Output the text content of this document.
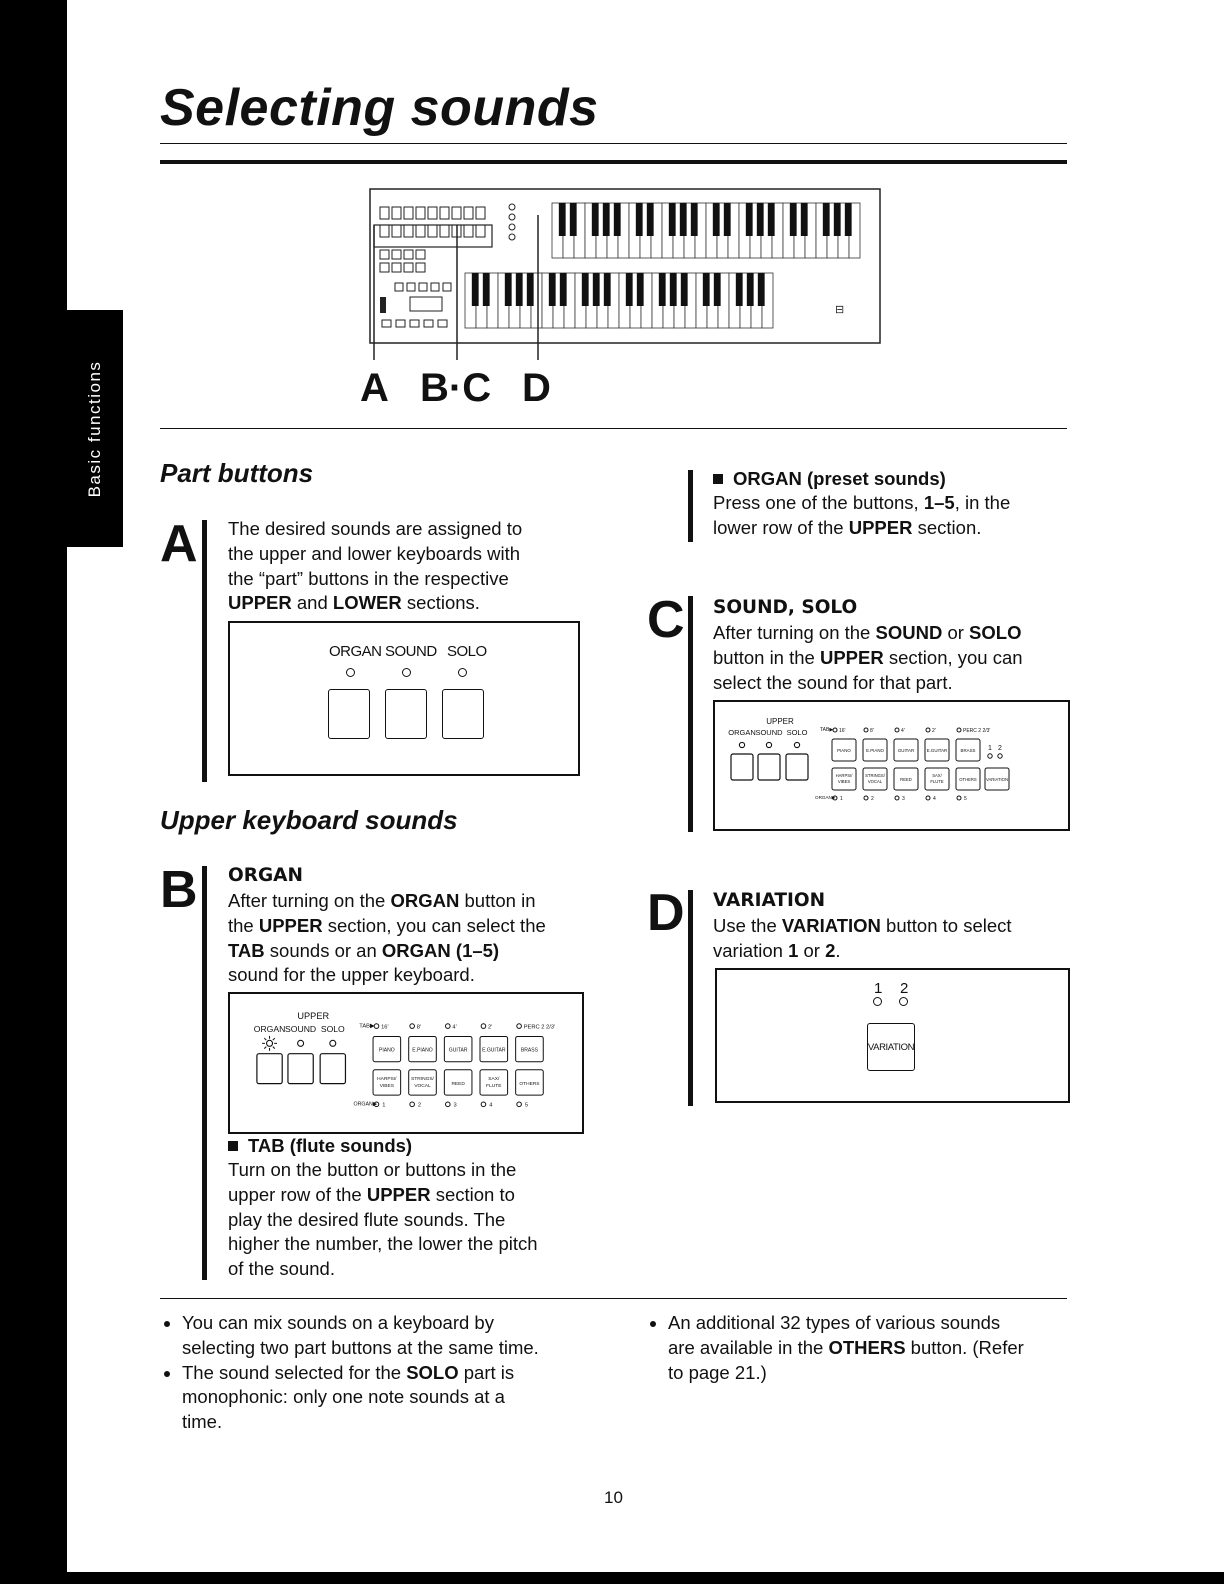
Basic functions
Selecting sounds
⊟
A B·C D
Part buttons
A The desired sounds are assigned to
the upper and lower keyboards with
the “part” buttons in the respective
UPPER and LOWER sections.
ORGAN SOUND SOLO
Upper keyboard sounds
B ORGAN
After turning on the ORGAN button in
the UPPER section, you can select the
TAB sounds or an ORGAN (1–5)
sound for the upper keyboard.
UPPER
ORGAN SOUND SOLO	TAB▶ 16'	8'	4'	2'	PERC 2 2/3'
PIANO	E.PIANO	GUITAR	E.GUITAR	BRASS
HARPSI/
VIBES
STRINGS/
VOCAL	REED
SAX/
FLUTE	OTHERS
ORGAN▶ 1	2	3	4	5
TAB (flute sounds)
Turn on the button or buttons in the
upper row of the UPPER section to
play the desired flute sounds. The
higher the number, the lower the pitch
of the sound.
ORGAN (preset sounds)
Press one of the buttons, 1–5, in the
lower row of the UPPER section.
C SOUND, SOLO
After turning on the SOUND or SOLO
button in the UPPER section, you can
select the sound for that part.
UPPER
ORGAN SOUND SOLO	TAB▶ 16'	8'	4'	2'	PERC 2 2/3'
PIANO	E.PIANO	GUITAR	E.GUITAR	BRASS
HARPSI/
VIBES
STRINGS/
VOCAL	REED
SAX/
FLUTE	OTHERS
ORGAN▶ 1	2	3	4	5
1 2
VARIATION
D VARIATION
Use the VARIATION button to select
variation 1 or 2.
1 2
VARIATION
• You can mix sounds on a keyboard by
selecting two part buttons at the same time.
• The sound selected for the SOLO part is
monophonic: only one note sounds at a
time.
• An additional 32 types of various sounds
are available in the OTHERS button. (Refer
to page 21.)
10
